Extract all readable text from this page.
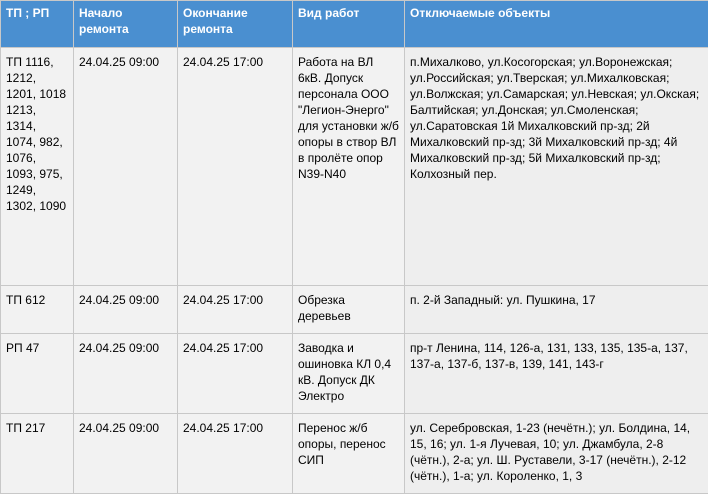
ТП ; РП	Начало ремонта	Окончание ремонта	Вид работ	Отключаемые объекты
ТП 1116, 1212, 1201, 1018 1213, 1314, 1074, 982, 1076, 1093, 975, 1249, 1302, 1090	24.04.25 09:00	24.04.25 17:00	Работа на ВЛ 6кВ. Допуск персонала ООО "Легион-Энерго" для установки ж/б опоры в створ ВЛ в пролёте опор N39-N40	п.Михалково, ул.Косогорская; ул.Воронежская; ул.Российская; ул.Тверская; ул.Михалковская; ул.Волжская; ул.Самарская; ул.Невская; ул.Окская; Балтийская; ул.Донская; ул.Смоленская; ул.Саратовская 1й Михалковский пр-зд; 2й Михалковский пр-зд; 3й Михалковский пр-зд; 4й Михалковский пр-зд; 5й Михалковский пр-зд; Колхозный пер.
ТП 612	24.04.25 09:00	24.04.25 17:00	Обрезка деревьев	п. 2-й Западный: ул. Пушкина, 17
РП 47	24.04.25 09:00	24.04.25 17:00	Заводка и ошиновка КЛ 0,4 кВ. Допуск ДК Электро	пр-т Ленина, 114, 126-а, 131, 133, 135, 135-а, 137, 137-а, 137-б, 137-в, 139, 141, 143-г
ТП 217	24.04.25 09:00	24.04.25 17:00	Перенос ж/б опоры, перенос СИП	ул. Серебровская, 1-23 (нечётн.); ул. Болдина, 14, 15, 16; ул. 1-я Лучевая, 10; ул. Джамбула, 2-8 (чётн.), 2-а; ул. Ш. Руставели, 3-17 (нечётн.), 2-12 (чётн.), 1-а; ул. Короленко, 1, 3
